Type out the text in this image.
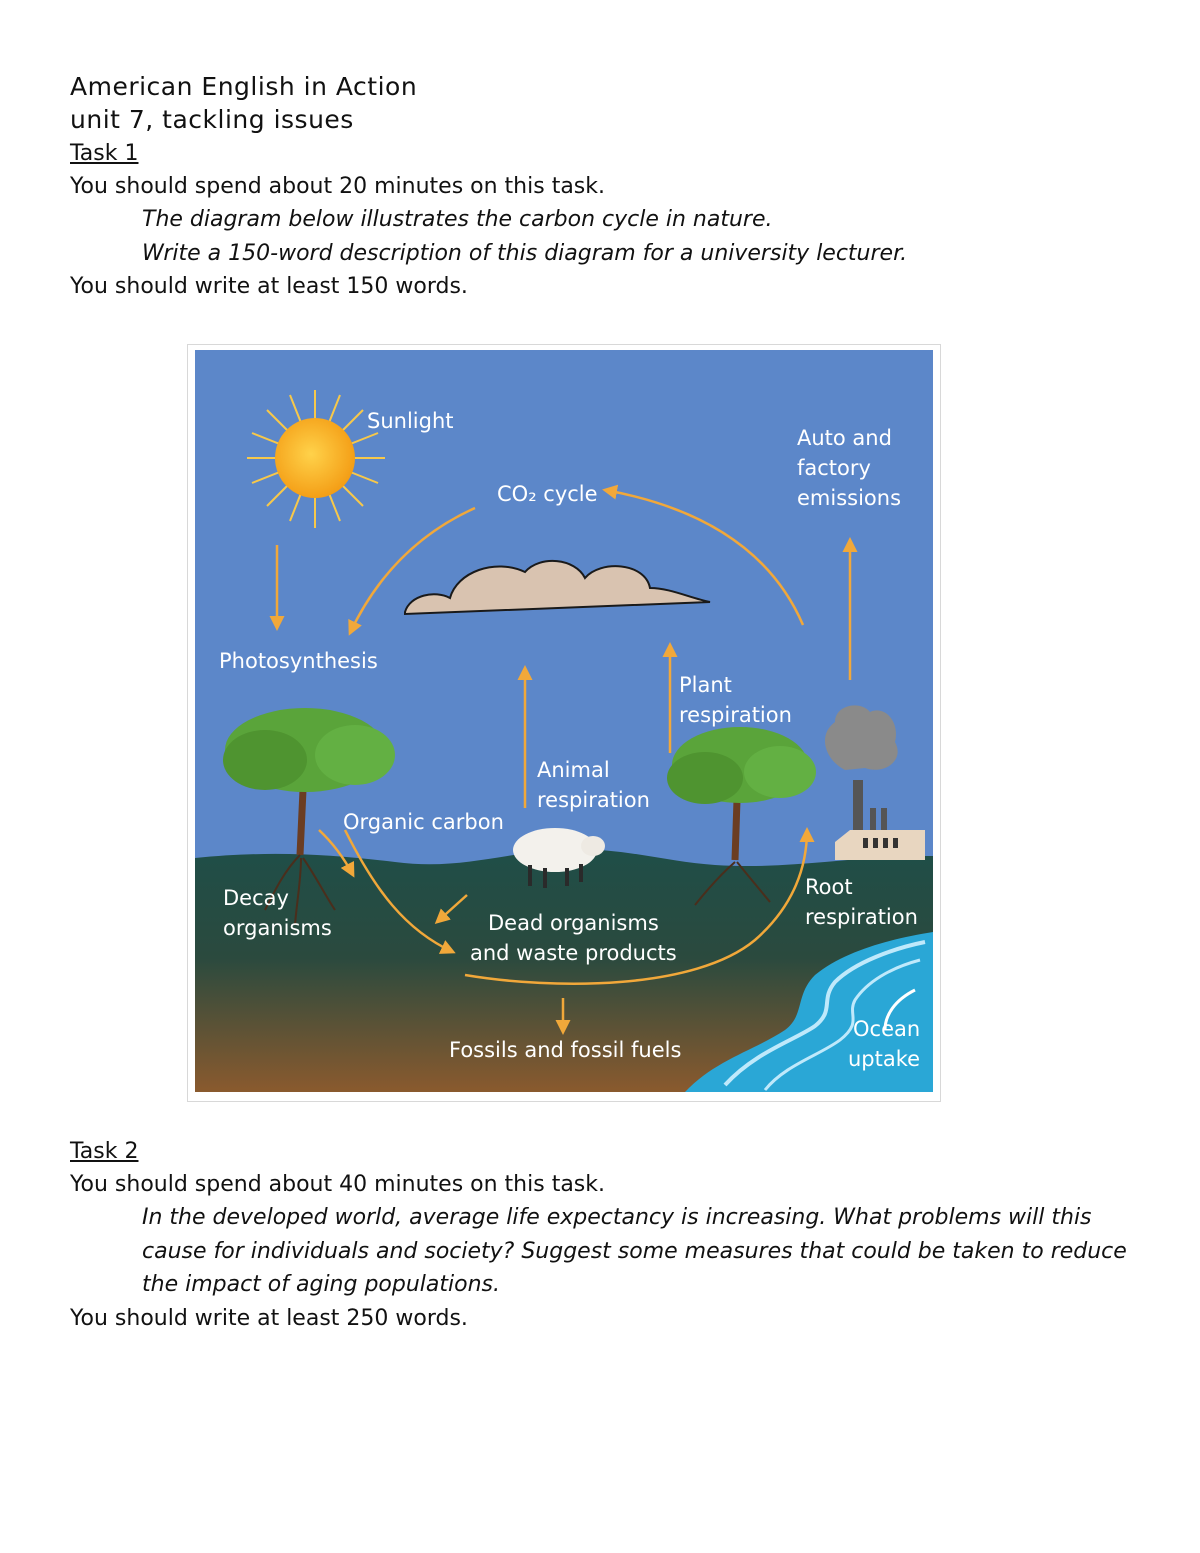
American English in Action
unit 7, tackling issues
Task 1
You should spend about 20 minutes on this task.
The diagram below illustrates the carbon cycle in nature.
Write a 150-word description of this diagram for a university lecturer.
You should write at least 150 words.
Sunlight
CO₂ cycle
Auto and
factory
emissions
Photosynthesis
Plant
respiration
Animal
respiration
Organic carbon
Decay
organisms	Dead organisms
and waste products
Root
respiration
Fossils and fossil fuels
Ocean
uptake
Task 2
You should spend about 40 minutes on this task.
In the developed world, average life expectancy is increasing. What problems will this
cause for individuals and society? Suggest some measures that could be taken to reduce
the impact of aging populations.
You should write at least 250 words.
